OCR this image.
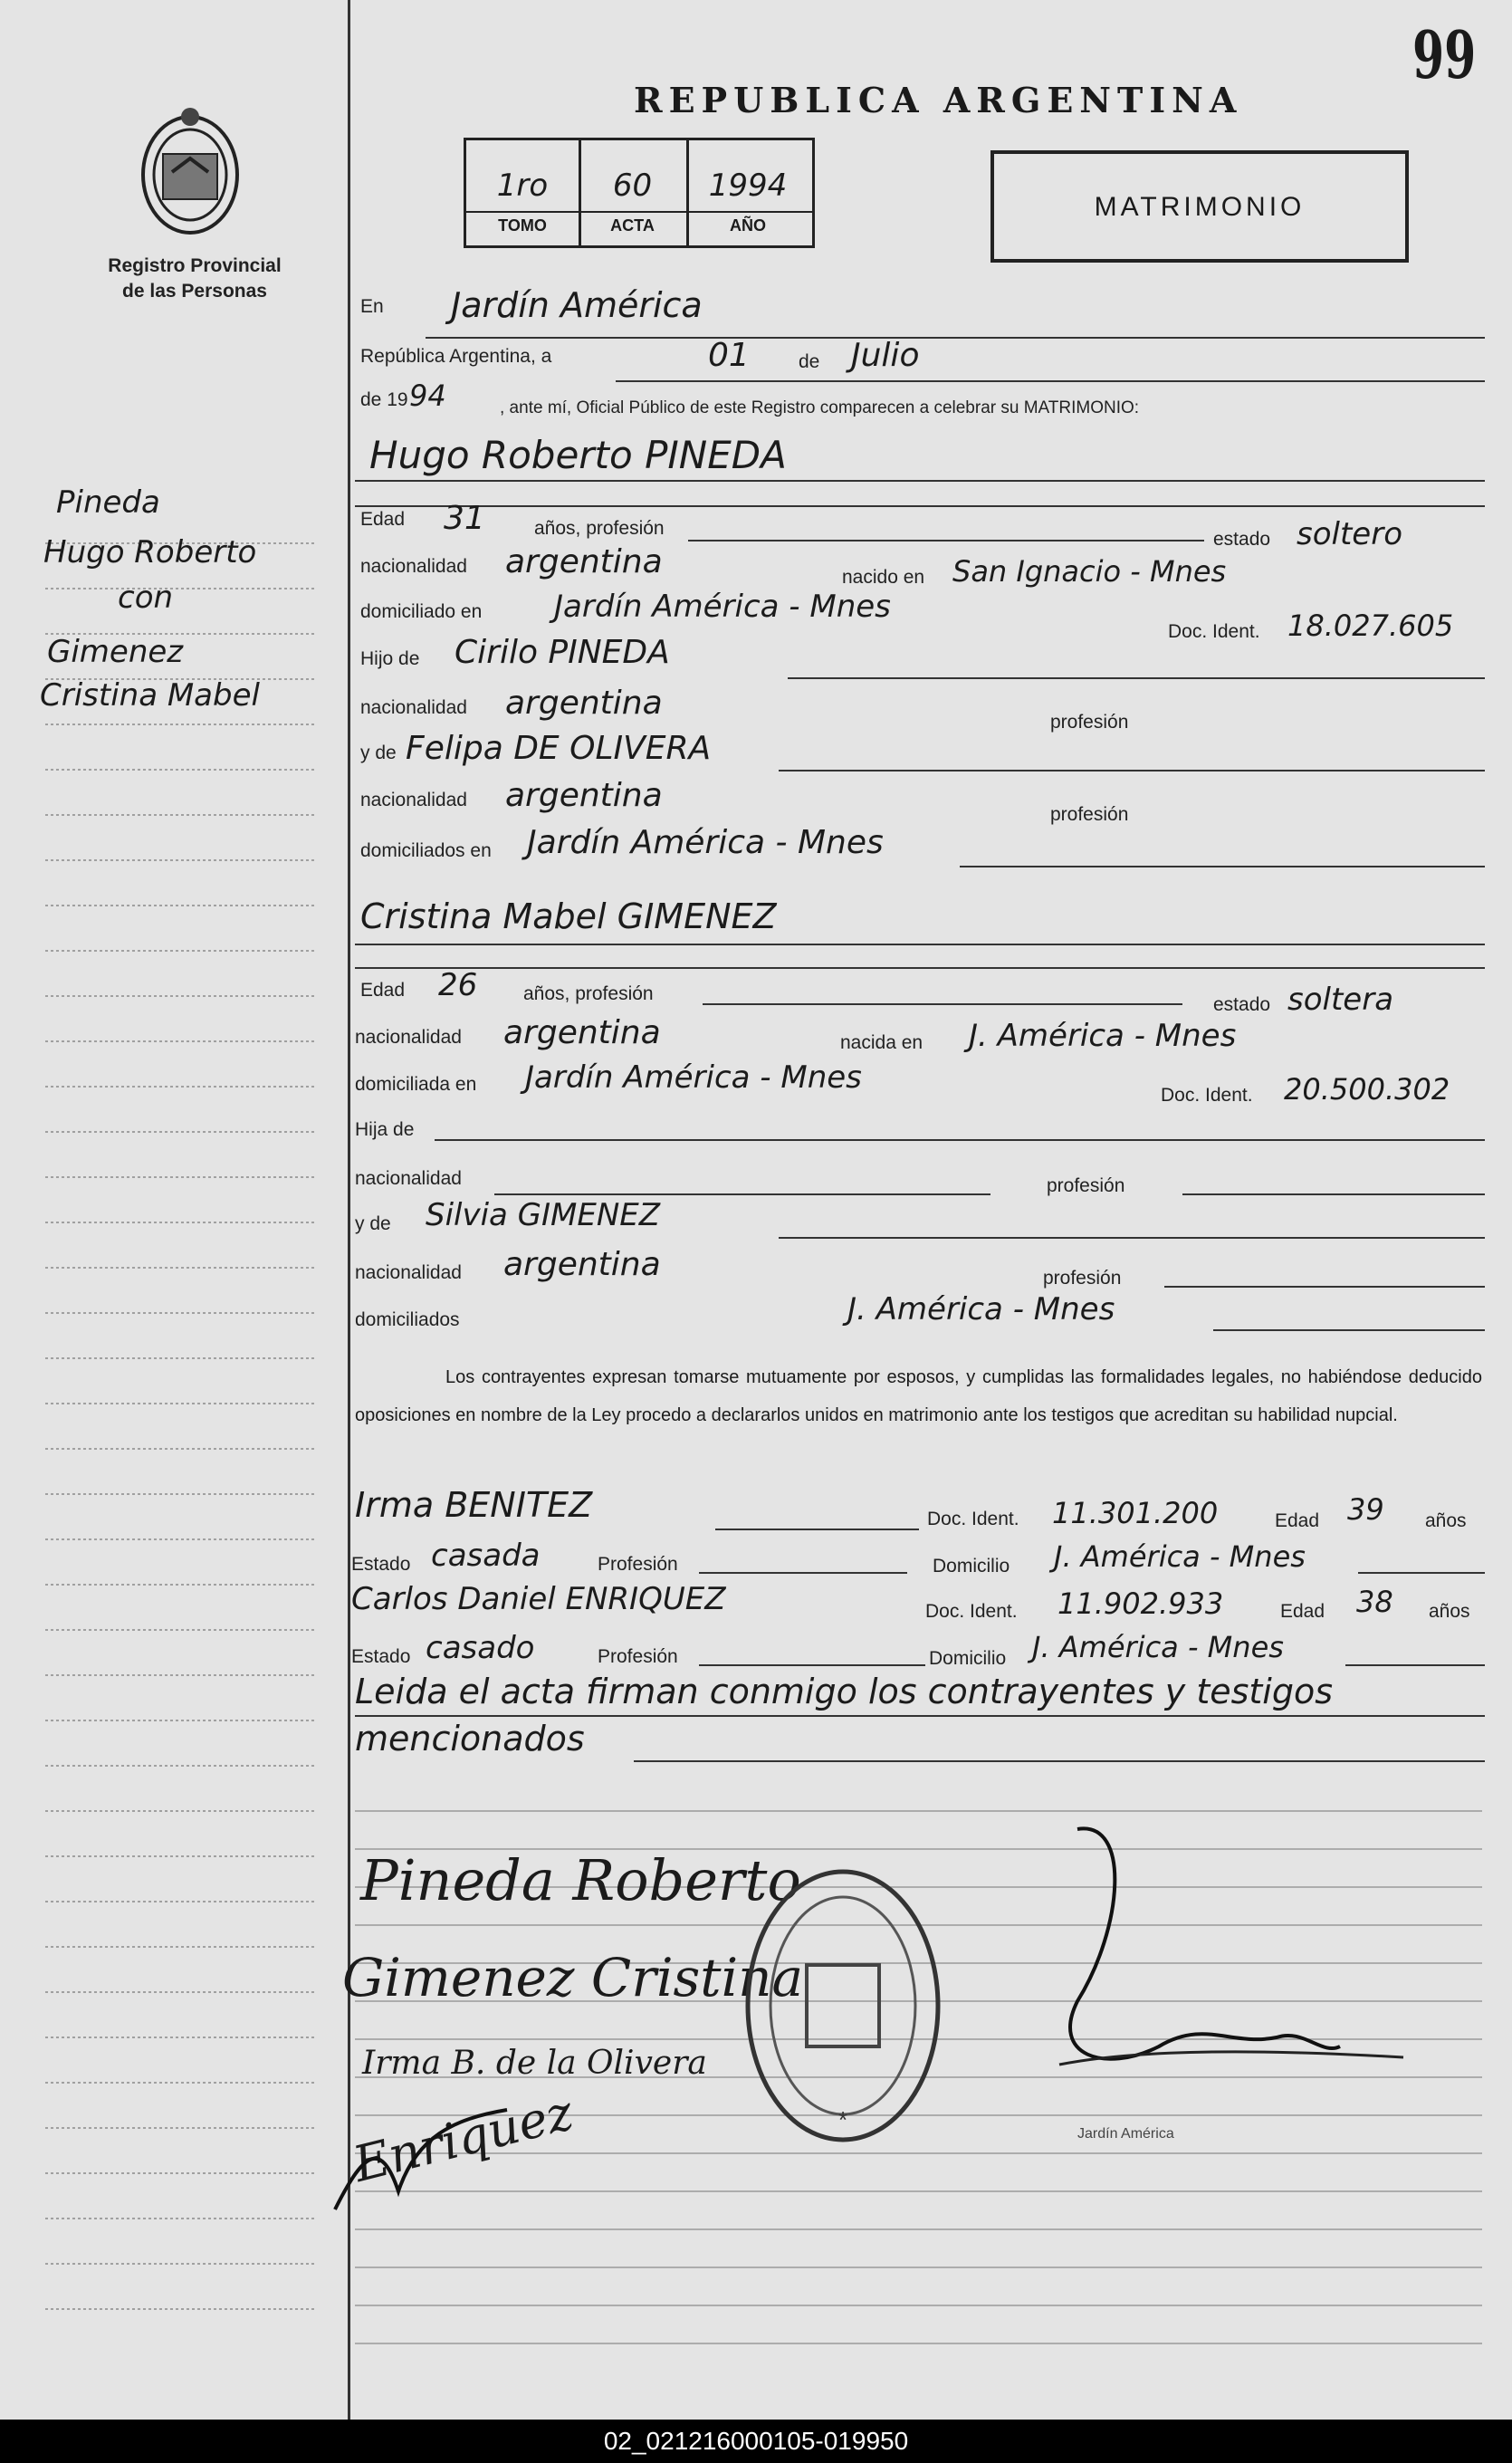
99
REPUBLICA ARGENTINA
Registro Provincial
de las Personas
1ro	60	1994
TOMO	ACTA	AÑO
MATRIMONIO
Pineda
Hugo Roberto
con
Gimenez
Cristina Mabel
En Jardín América
República Argentina, a	01	de Julio
de 19 94	, ante mí, Oficial Público de este Registro comparecen a celebrar su MATRIMONIO:
Hugo Roberto PINEDA
Edad 31	años, profesión
estado soltero
nacionalidad argentina	nacido en San Ignacio - Mnes
domiciliado en Jardín América - Mnes
Doc. Ident. 18.027.605
Hijo de Cirilo PINEDA
nacionalidad argentina
profesión
y de Felipa DE OLIVERA
nacionalidad argentina
profesión
domiciliados en Jardín América - Mnes
Cristina Mabel GIMENEZ
Edad 26 años, profesión
estado soltera
nacionalidad argentina	nacida en J. América - Mnes
domiciliada en Jardín América - Mnes	Doc. Ident. 20.500.302
Hija de
nacionalidad	profesión
y de Silvia GIMENEZ
nacionalidad argentina	profesión
domiciliados	J. América - Mnes
Los contrayentes expresan tomarse mutuamente por esposos, y cumplidas las formalidades legales, no habiéndose deducido oposiciones en nombre de la Ley procedo a declararlos unidos en matrimonio ante los testigos que acreditan su habilidad nupcial.
Irma BENITEZ	Doc. Ident. 11.301.200	Edad 39 años
Estado casada	Profesión	Domicilio J. América - Mnes
Carlos Daniel ENRIQUEZ	Doc. Ident. 11.902.933	Edad 38 años
Estado casado	Profesión	Domicilio J. América - Mnes
Leida el acta firman conmigo los contrayentes y testigos
mencionados
Pineda Roberto
Gimenez Cristina
Irma B. de la Olivera
Enriquez	*
Jardín América
02_021216000105-019950
